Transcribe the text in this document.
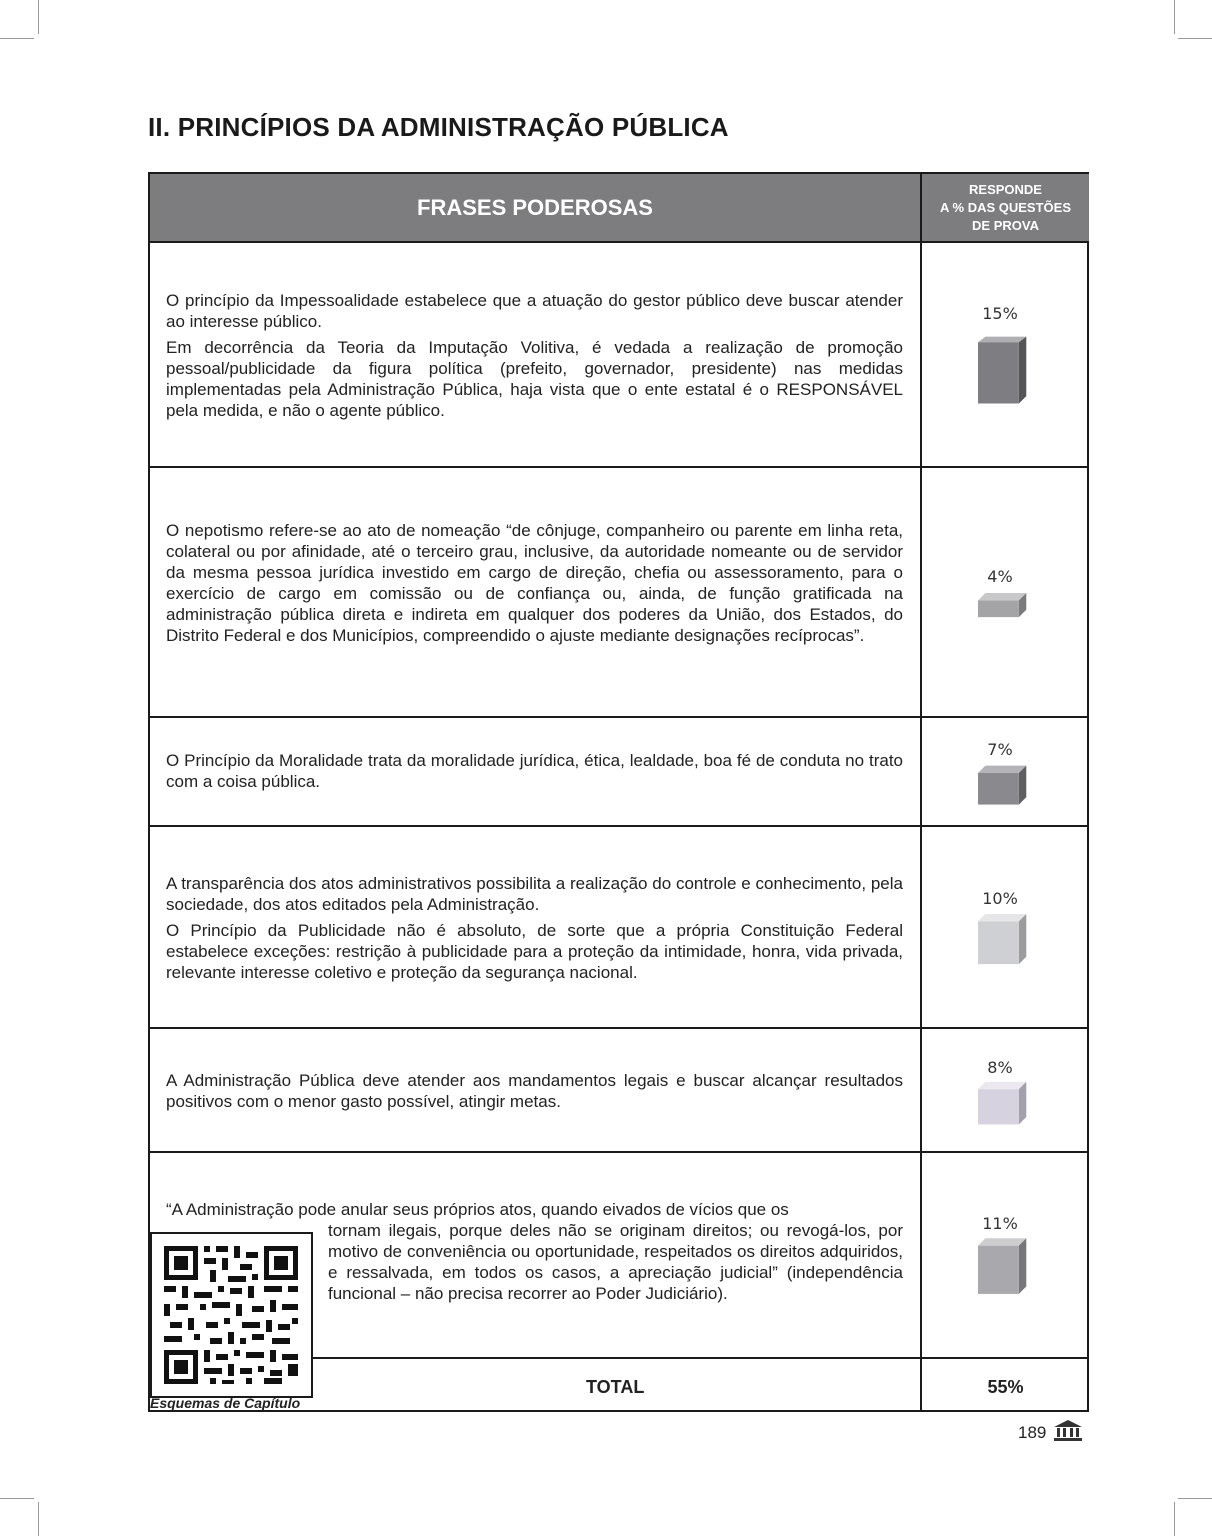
II. PRINCÍPIOS DA ADMINISTRAÇÃO PÚBLICA
FRASES PODEROSAS
RESPONDE
A % DAS QUESTÕES
DE PROVA

O princípio da Impessoalidade estabelece que a atuação do gestor público deve buscar atender ao interesse público.

Em decorrência da Teoria da Imputação Volitiva, é vedada a realização de promoção pessoal/publicidade da figura política (prefeito, governador, presidente) nas medidas implementadas pela Administração Pública, haja vista que o ente estatal é o RESPONSÁVEL pela medida, e não o agente público.

15%

O nepotismo refere-se ao ato de nomeação “de cônjuge, companheiro ou parente em linha reta, colateral ou por afinidade, até o terceiro grau, inclusive, da autoridade nomeante ou de servidor da mesma pessoa jurídica investido em cargo de direção, chefia ou assessoramento, para o exercício de cargo em comissão ou de confiança ou, ainda, de função gratificada na administração pública direta e indireta em qualquer dos poderes da União, dos Estados, do Distrito Federal e dos Municípios, compreendido o ajuste mediante designações recíprocas”.

4%

O Princípio da Moralidade trata da moralidade jurídica, ética, lealdade, boa fé de conduta no trato com a coisa pública.

7%

A transparência dos atos administrativos possibilita a realização do controle e conhecimento, pela sociedade, dos atos editados pela Administração.

O Princípio da Publicidade não é absoluto, de sorte que a própria Constituição Federal estabelece exceções: restrição à publicidade para a proteção da intimidade, honra, vida privada, relevante interesse coletivo e proteção da segurança nacional.

10%

A Administração Pública deve atender aos mandamentos legais e buscar alcançar resultados positivos com o menor gasto possível, atingir metas.

8%
“A Administração pode anular seus próprios atos, quando eivados de vícios que os
tornam ilegais, porque deles não se originam direitos; ou revogá-los, por motivo de conveniência ou oportunidade, respeitados os direitos adquiridos, e ressalvada, em todos os casos, a apreciação judicial” (independência funcional – não precisa recorrer ao Poder Judiciário).
11%
Esquemas de Capítulo
TOTAL	55%
189
